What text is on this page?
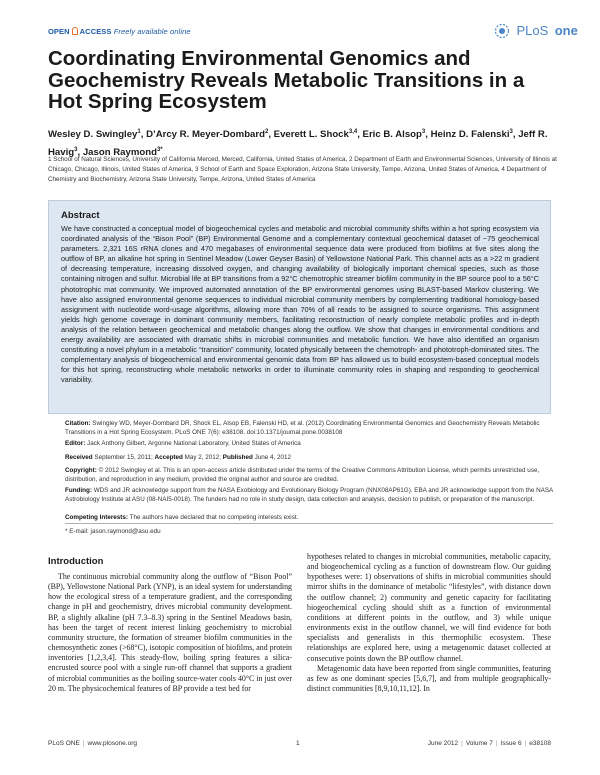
OPEN ACCESS Freely available online	PLoS one
Coordinating Environmental Genomics and Geochemistry Reveals Metabolic Transitions in a Hot Spring Ecosystem
Wesley D. Swingley$^1$, D’Arcy R. Meyer-Dombard$^2$, Everett L. Shock$^{3,4}$, Eric B. Alsop$^3$, Heinz D. Falenski$^3$, Jeff R. Havig$^3$, Jason Raymond$^{3*}$
1 School of Natural Sciences, University of California Merced, Merced, California, United States of America, 2 Department of Earth and Environmental Sciences, University of Illinois at Chicago, Chicago, Illinois, United States of America, 3 School of Earth and Space Exploration, Arizona State University, Tempe, Arizona, United States of America, 4 Department of Chemistry and Biochemistry, Arizona State University, Tempe, Arizona, United States of America
Abstract
We have constructed a conceptual model of biogeochemical cycles and metabolic and microbial community shifts within a hot spring ecosystem via coordinated analysis of the “Bison Pool” (BP) Environmental Genome and a complementary contextual geochemical dataset of ~75 geochemical parameters. 2,321 16S rRNA clones and 470 megabases of environmental sequence data were produced from biofilms at five sites along the outflow of BP, an alkaline hot spring in Sentinel Meadow (Lower Geyser Basin) of Yellowstone National Park. This channel acts as a >22 m gradient of decreasing temperature, increasing dissolved oxygen, and changing availability of biologically important chemical species, such as those containing nitrogen and sulfur. Microbial life at BP transitions from a 92°C chemotrophic streamer biofilm community in the BP source pool to a 56°C phototrophic mat community. We improved automated annotation of the BP environmental genomes using BLAST-based Markov clustering. We have also assigned environmental genome sequences to individual microbial community members by complementing traditional homology-based assignment with nucleotide word-usage algorithms, allowing more than 70% of all reads to be assigned to source organisms. This assignment yields high genome coverage in dominant community members, facilitating reconstruction of nearly complete metabolic profiles and in-depth analysis of the relation between geochemical and metabolic changes along the outflow. We show that changes in environmental conditions and energy availability are associated with dramatic shifts in microbial communities and metabolic function. We have also identified an organism constituting a novel phylum in a metabolic “transition” community, located physically between the chemotroph- and phototroph-dominated sites. The complementary analysis of biogeochemical and environmental genomic data from BP has allowed us to build ecosystem-based conceptual models for this hot spring, reconstructing whole metabolic networks in order to illuminate community roles in shaping and responding to geochemical variability.
Citation: Swingley WD, Meyer-Dombard DR, Shock EL, Alsop EB, Falenski HD, et al. (2012) Coordinating Environmental Genomics and Geochemistry Reveals Metabolic Transitions in a Hot Spring Ecosystem. PLoS ONE 7(6): e38108. doi:10.1371/journal.pone.0038108
Editor: Jack Anthony Gilbert, Argonne National Laboratory, United States of America
Received September 15, 2011; Accepted May 2, 2012; Published June 4, 2012
Copyright: © 2012 Swingley et al. This is an open-access article distributed under the terms of the Creative Commons Attribution License, which permits unrestricted use, distribution, and reproduction in any medium, provided the original author and source are credited.
Funding: WDS and JR acknowledge support from the NASA Exobiology and Evolutionary Biology Program (NNX08AP61G). EBA and JR acknowledge support from the NASA Astrobiology Institute at ASU (08-NAI5-0018). The funders had no role in study design, data collection and analysis, decision to publish, or preparation of the manuscript.
Competing Interests: The authors have declared that no competing interests exist.
* E-mail: jason.raymond@asu.edu
Introduction

The continuous microbial community along the outflow of “Bison Pool” (BP), Yellowstone National Park (YNP), is an ideal system for understanding how the ecological stress of a temperature gradient, and the corresponding change in pH and geochemistry, drives microbial community development. BP, a slightly alkaline (pH 7.3–8.3) spring in the Sentinel Meadows basin, has been the target of recent interest linking geochemistry to microbial community structure, the formation of streamer biofilm communities in the chemosynthetic zones (>68°C), isotopic composition of biofilms, and protein inventories [1,2,3,4]. This steady-flow, boiling spring features a silica-encrusted source pool with a single run-off channel that supports a gradient of microbial communities as the boiling source-water cools 40°C in just over 20 m. The physicochemical features of BP provide a test bed for

hypotheses related to changes in microbial communities, metabolic capacity, and biogeochemical cycling as a function of downstream flow. Our guiding hypotheses were: 1) observations of shifts in microbial communities should mirror shifts in the dominance of metabolic “lifestyles”, with distance down the outflow channel; 2) community and genetic capacity for facilitating biogeochemical cycling should shift as a function of environmental conditions at different points in the outflow, and 3) while unique environments exist in the outflow channel, we will find evidence for both specialists and generalists in this thermophilic ecosystem. These relationships are explored here, using a metagenomic dataset collected at consecutive points down the BP outflow channel.

Metagenomic data have been reported from single communities, featuring as few as one dominant species [5,6,7], and from multiple geographically-distinct communities [8,9,10,11,12]. In

PLoS ONE | www.plosone.org	1	June 2012 | Volume 7 | Issue 6 | e38108
